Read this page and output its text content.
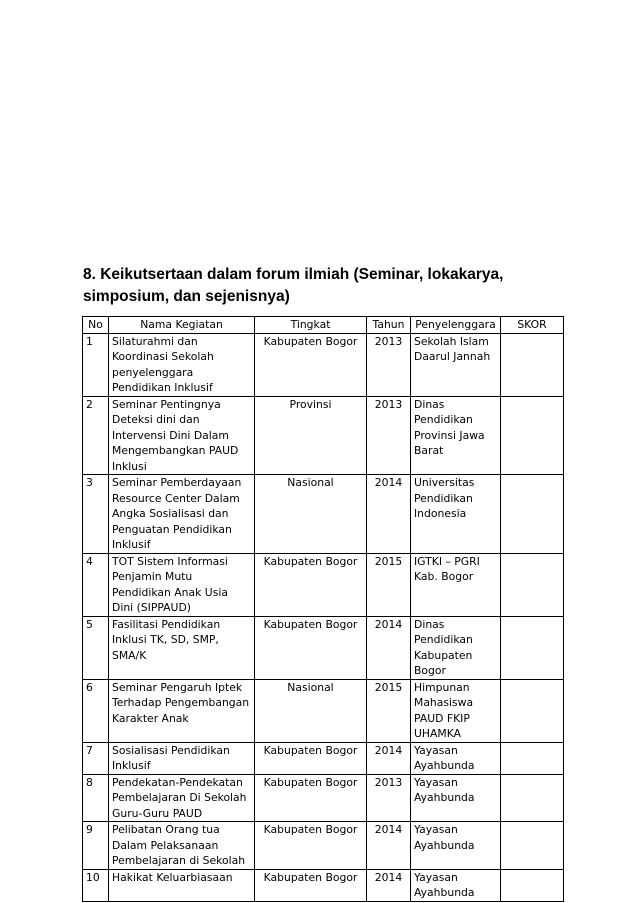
8. Keikutsertaan dalam forum ilmiah (Seminar, lokakarya, simposium, dan sejenisnya)

No	Nama Kegiatan	Tingkat	Tahun	Penyelenggara	SKOR
1	Silaturahmi dan Koordinasi Sekolah penyelenggara Pendidikan Inklusif	Kabupaten Bogor	2013	Sekolah Islam Daarul Jannah	
2	Seminar Pentingnya Deteksi dini dan Intervensi Dini Dalam Mengembangkan PAUD Inklusi	Provinsi	2013	Dinas Pendidikan Provinsi Jawa Barat	
3	Seminar Pemberdayaan Resource Center Dalam Angka Sosialisasi dan Penguatan Pendidikan Inklusif	Nasional	2014	Universitas Pendidikan Indonesia	
4	TOT Sistem Informasi Penjamin Mutu Pendidikan Anak Usia Dini (SIPPAUD)	Kabupaten Bogor	2015	IGTKI – PGRI Kab. Bogor	
5	Fasilitasi Pendidikan Inklusi TK, SD, SMP, SMA/K	Kabupaten Bogor	2014	Dinas Pendidikan Kabupaten Bogor	
6	Seminar Pengaruh Iptek Terhadap Pengembangan Karakter Anak	Nasional	2015	Himpunan Mahasiswa PAUD FKIP UHAMKA	
7	Sosialisasi Pendidikan Inklusif	Kabupaten Bogor	2014	Yayasan Ayahbunda	
8	Pendekatan-Pendekatan Pembelajaran Di Sekolah Guru-Guru PAUD	Kabupaten Bogor	2013	Yayasan Ayahbunda	
9	Pelibatan Orang tua Dalam Pelaksanaan Pembelajaran di Sekolah	Kabupaten Bogor	2014	Yayasan Ayahbunda	
10	Hakikat Keluarbiasaan	Kabupaten Bogor	2014	Yayasan Ayahbunda	
